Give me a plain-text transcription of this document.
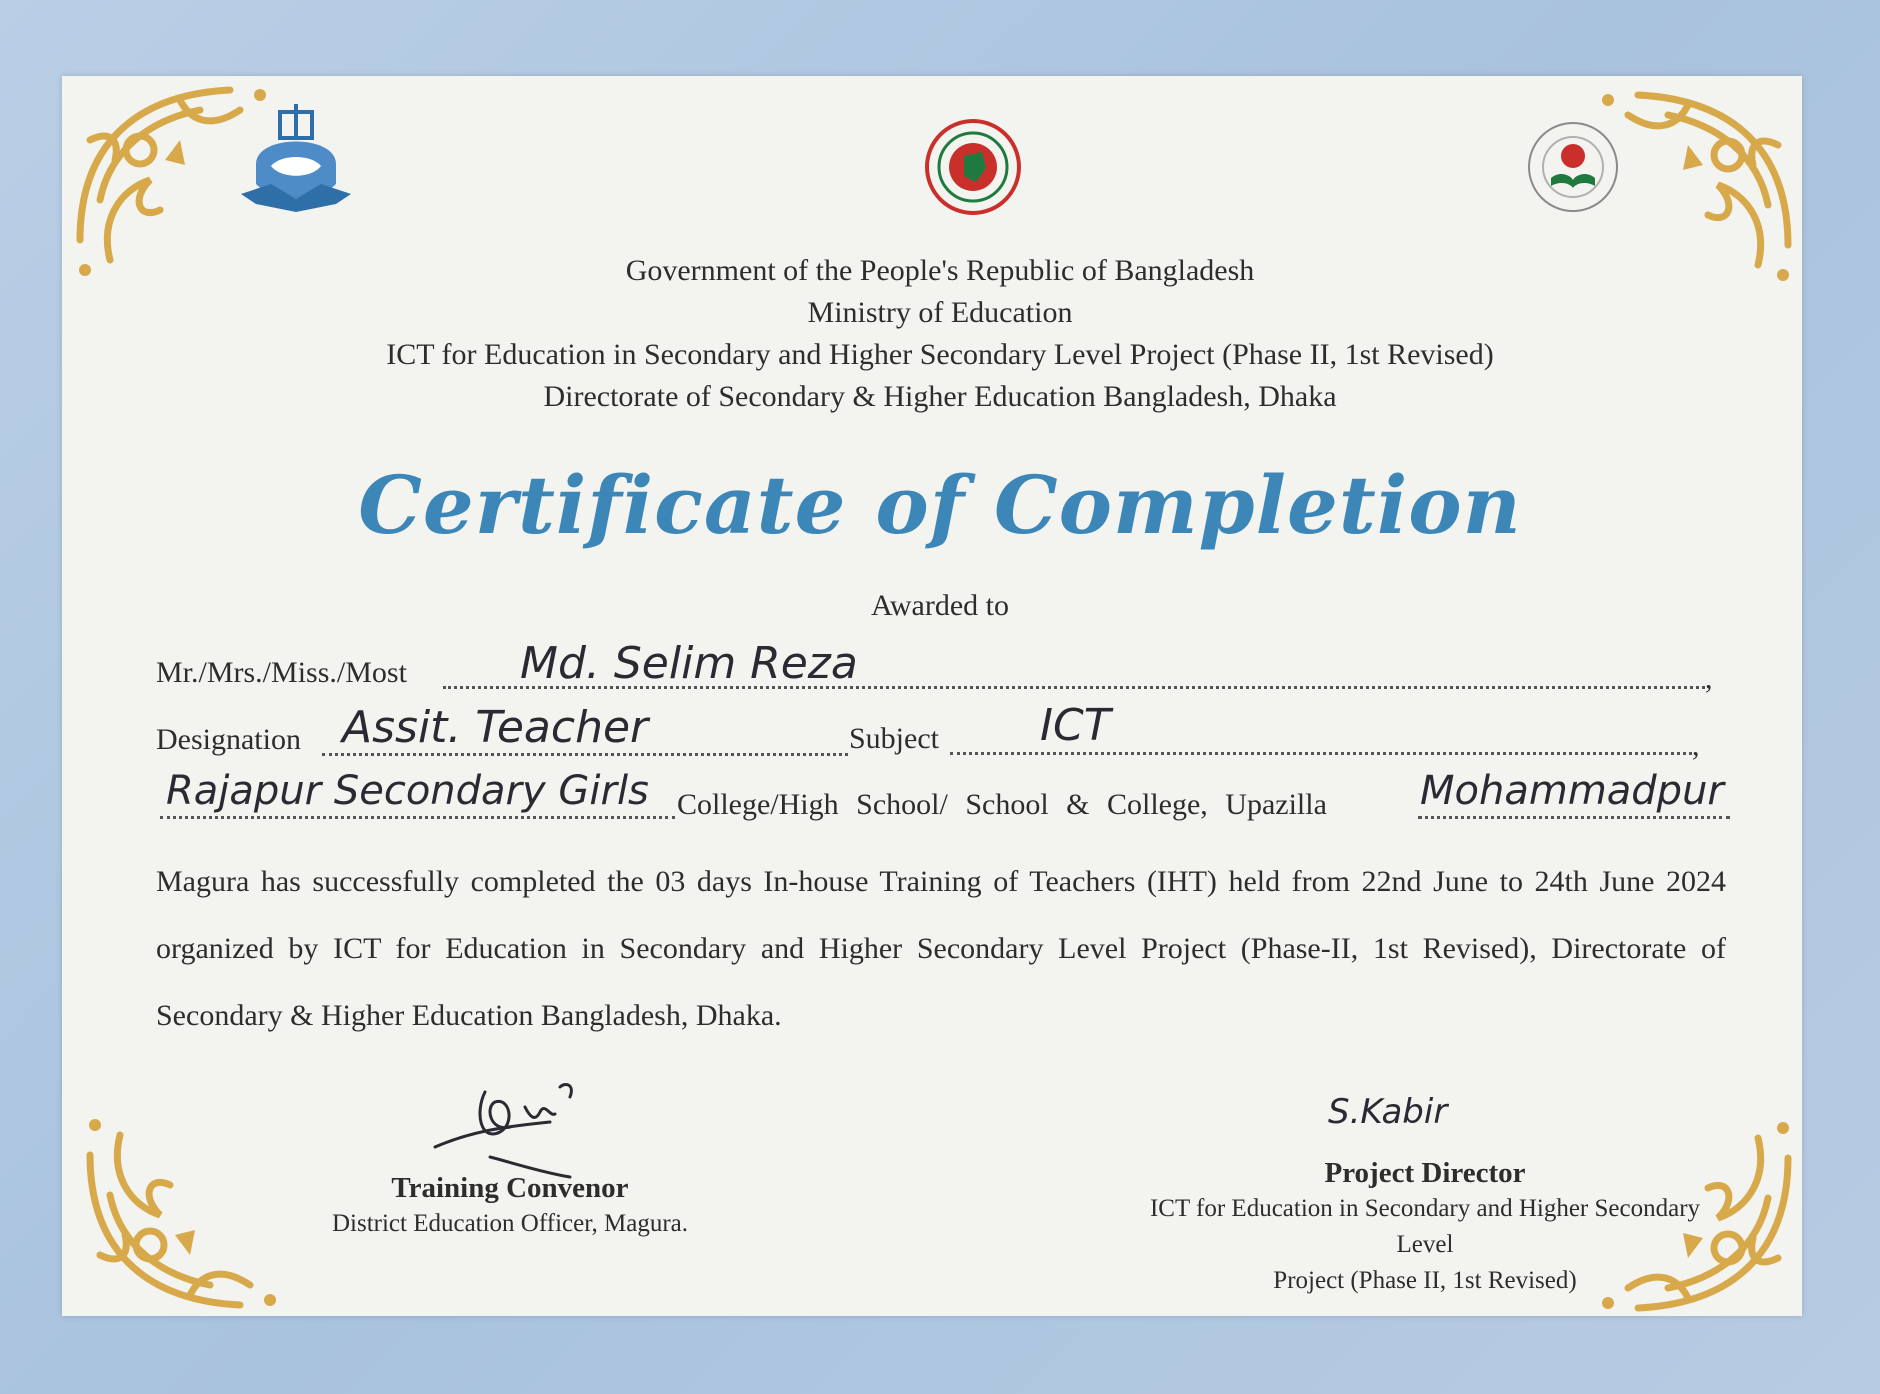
Government of the People's Republic of Bangladesh
Ministry of Education
ICT for Education in Secondary and Higher Secondary Level Project (Phase II, 1st Revised)
Directorate of Secondary & Higher Education Bangladesh, Dhaka
Certificate of Completion
Awarded to
Mr./Mrs./Miss./Most	Md. Selim Reza	,
Designation Assit. Teacher	Subject ICT	,
Rajapur Secondary Girls College/High School/ School & College, Upazilla Mohammadpur
Magura has successfully completed the 03 days In-house Training of Teachers (IHT) held from 22nd June to 24th June 2024 organized by ICT for Education in Secondary and Higher Secondary Level Project (Phase-II, 1st Revised), Directorate of Secondary & Higher Education Bangladesh, Dhaka.
Training Convenor
District Education Officer, Magura.
S.Kabir
Project Director
ICT for Education in Secondary and Higher Secondary Level
Project (Phase II, 1st Revised)
